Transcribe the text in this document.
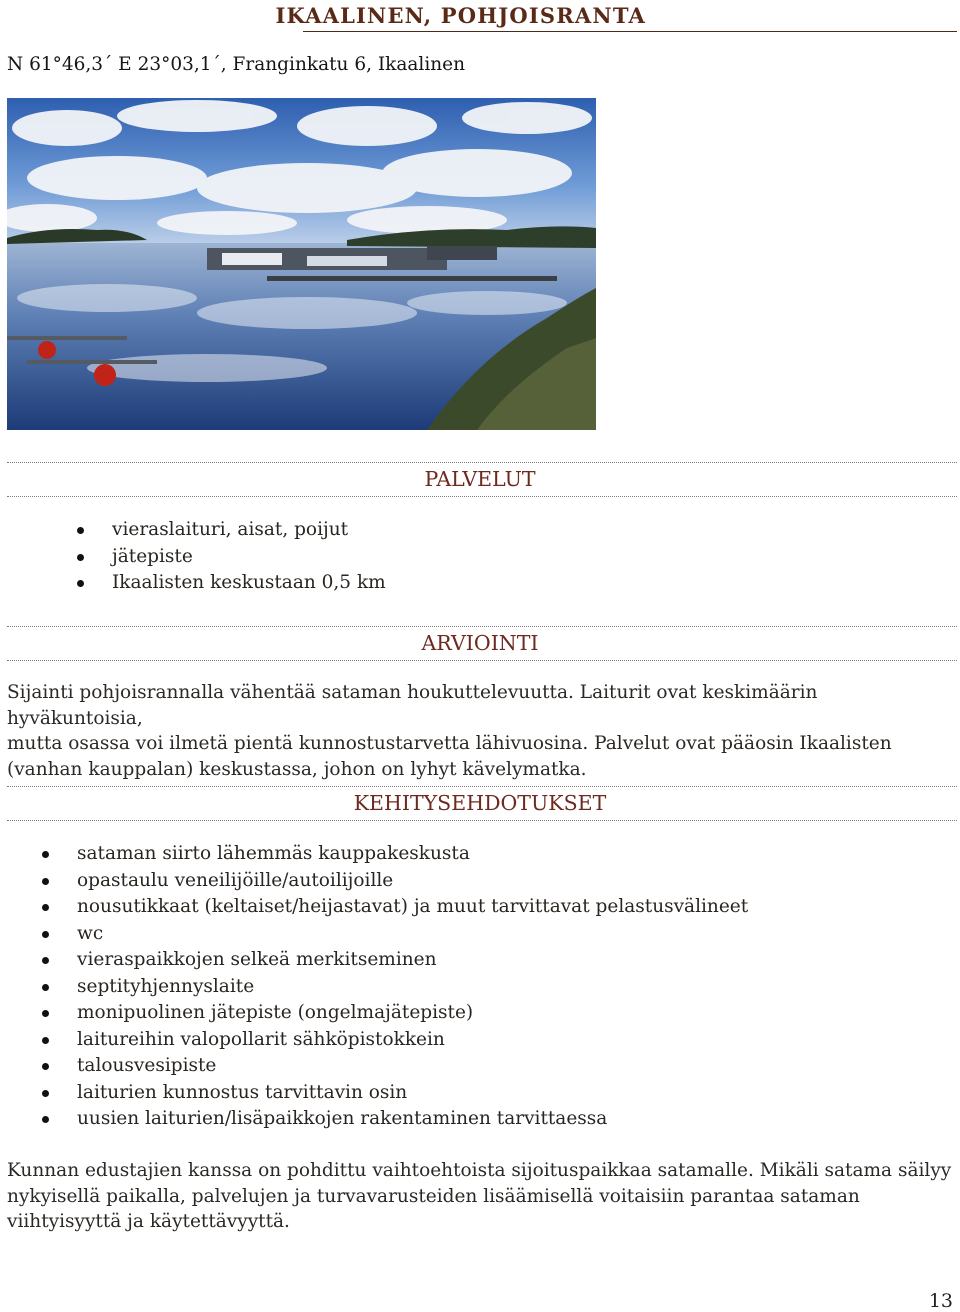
IKAALINEN, POHJOISRANTA
N 61°46,3´ E 23°03,1´, Franginkatu 6, Ikaalinen
PALVELUT
vieraslaituri, aisat, poijut
jätepiste
Ikaalisten keskustaan 0,5 km
ARVIOINTI
Sijainti pohjoisrannalla vähentää sataman houkuttelevuutta. Laiturit ovat keskimäärin hyväkuntoisia,
mutta osassa voi ilmetä pientä kunnostustarvetta lähivuosina. Palvelut ovat pääosin Ikaalisten
(vanhan kauppalan) keskustassa, johon on lyhyt kävelymatka.
KEHITYSEHDOTUKSET
sataman siirto lähemmäs kauppakeskusta
opastaulu veneilijöille/autoilijoille
nousutikkaat (keltaiset/heijastavat) ja muut tarvittavat pelastusvälineet
wc
vieraspaikkojen selkeä merkitseminen
septityhjennyslaite
monipuolinen jätepiste (ongelmajätepiste)
laitureihin valopollarit sähköpistokkein
talousvesipiste
laiturien kunnostus tarvittavin osin
uusien laiturien/lisäpaikkojen rakentaminen tarvittaessa
Kunnan edustajien kanssa on pohdittu vaihtoehtoista sijoituspaikkaa satamalle. Mikäli satama säilyy
nykyisellä paikalla, palvelujen ja turvavarusteiden lisäämisellä voitaisiin parantaa sataman
viihtyisyyttä ja käytettävyyttä.
13
